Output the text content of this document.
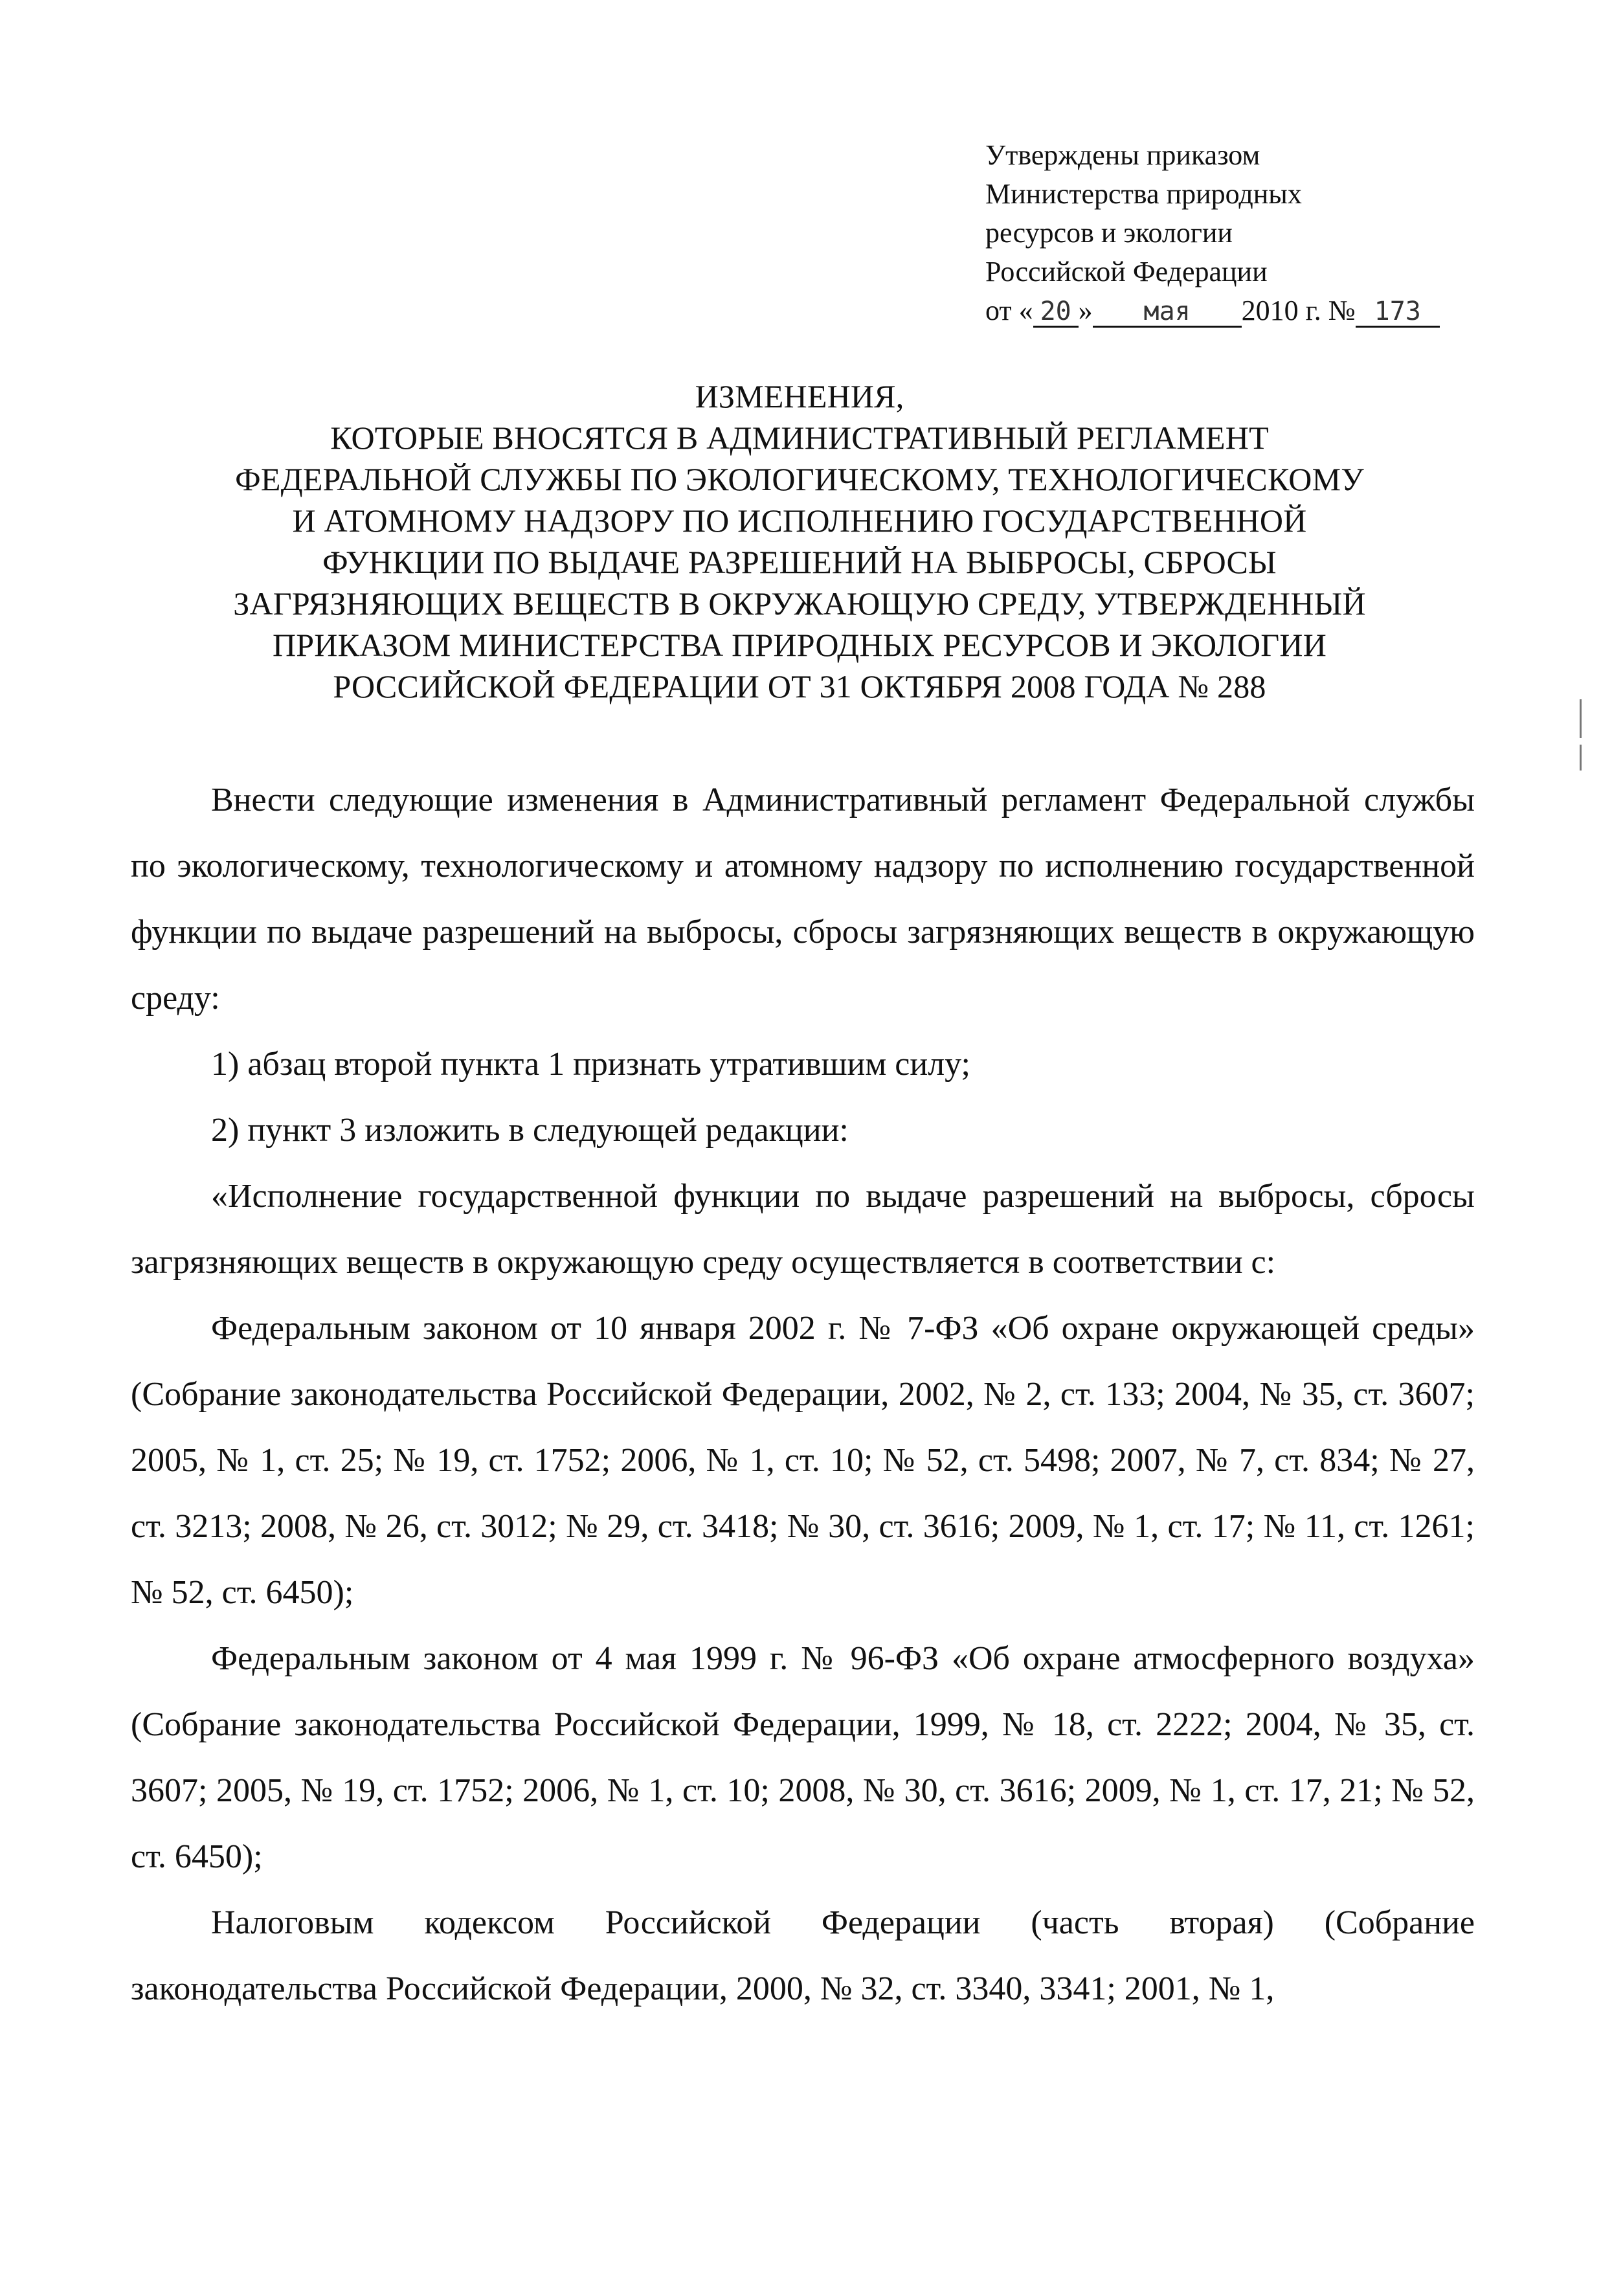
Утверждены приказом
Министерства природных
ресурсов и экологии
Российской Федерации
от « 20 » мая 2010 г. № 173
ИЗМЕНЕНИЯ,
КОТОРЫЕ ВНОСЯТСЯ В АДМИНИСТРАТИВНЫЙ РЕГЛАМЕНТ
ФЕДЕРАЛЬНОЙ СЛУЖБЫ ПО ЭКОЛОГИЧЕСКОМУ, ТЕХНОЛОГИЧЕСКОМУ
И АТОМНОМУ НАДЗОРУ ПО ИСПОЛНЕНИЮ ГОСУДАРСТВЕННОЙ
ФУНКЦИИ ПО ВЫДАЧЕ РАЗРЕШЕНИЙ НА ВЫБРОСЫ, СБРОСЫ
ЗАГРЯЗНЯЮЩИХ ВЕЩЕСТВ В ОКРУЖАЮЩУЮ СРЕДУ, УТВЕРЖДЕННЫЙ
ПРИКАЗОМ МИНИСТЕРСТВА ПРИРОДНЫХ РЕСУРСОВ И ЭКОЛОГИИ
РОССИЙСКОЙ ФЕДЕРАЦИИ ОТ 31 ОКТЯБРЯ 2008 ГОДА № 288

Внести следующие изменения в Административный регламент Федеральной службы по экологическому, технологическому и атомному надзору по исполнению государственной функции по выдаче разрешений на выбросы, сбросы загрязняющих веществ в окружающую среду:

1) абзац второй пункта 1 признать утратившим силу;

2) пункт 3 изложить в следующей редакции:

«Исполнение государственной функции по выдаче разрешений на выбросы, сбросы загрязняющих веществ в окружающую среду осуществляется в соответствии с:

Федеральным законом от 10 января 2002 г. № 7-ФЗ «Об охране окружающей среды» (Собрание законодательства Российской Федерации, 2002, № 2, ст. 133; 2004, № 35, ст. 3607; 2005, № 1, ст. 25; № 19, ст. 1752; 2006, № 1, ст. 10; № 52, ст. 5498; 2007, № 7, ст. 834; № 27, ст. 3213; 2008, № 26, ст. 3012; № 29, ст. 3418; № 30, ст. 3616; 2009, № 1, ст. 17; № 11, ст. 1261; № 52, ст. 6450);

Федеральным законом от 4 мая 1999 г. № 96-ФЗ «Об охране атмосферного воздуха» (Собрание законодательства Российской Федерации, 1999, № 18, ст. 2222; 2004, № 35, ст. 3607; 2005, № 19, ст. 1752; 2006, № 1, ст. 10; 2008, № 30, ст. 3616; 2009, № 1, ст. 17, 21; № 52, ст. 6450);

Налоговым кодексом Российской Федерации (часть вторая) (Собрание законодательства Российской Федерации, 2000, № 32, ст. 3340, 3341; 2001, № 1,
